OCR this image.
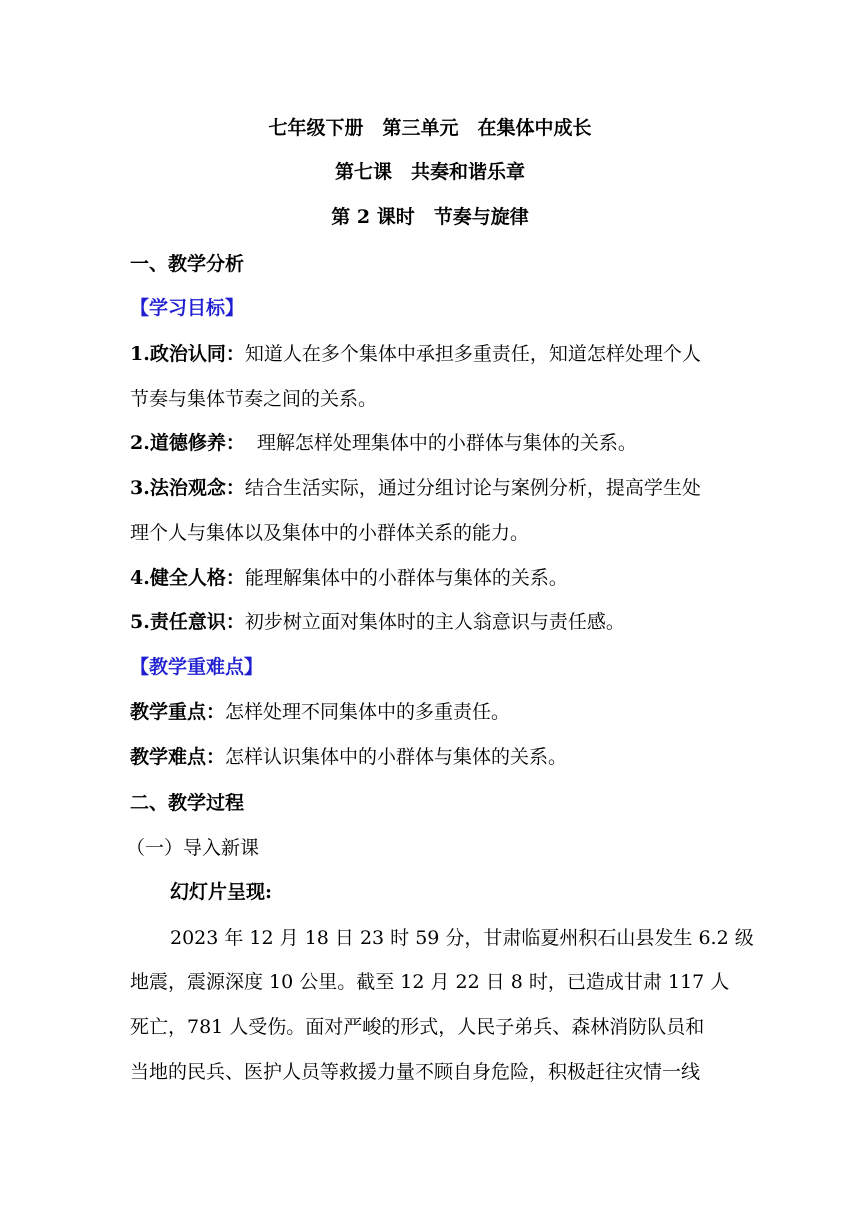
七年级下册　第三单元　在集体中成长
第七课　共奏和谐乐章
第 2 课时　节奏与旋律
一、教学分析
【学习目标】
1.政治认同：知道人在多个集体中承担多重责任，知道怎样处理个人
节奏与集体节奏之间的关系。
2.道德修养：  理解怎样处理集体中的小群体与集体的关系。
3.法治观念：结合生活实际，通过分组讨论与案例分析，提高学生处
理个人与集体以及集体中的小群体关系的能力。
4.健全人格：能理解集体中的小群体与集体的关系。
5.责任意识：初步树立面对集体时的主人翁意识与责任感。
【教学重难点】
教学重点：怎样处理不同集体中的多重责任。
教学难点：怎样认识集体中的小群体与集体的关系。
二、教学过程
（一）导入新课
幻灯片呈现:
2023 年 12 月 18 日 23 时 59 分，甘肃临夏州积石山县发生 6.2 级
地震，震源深度 10 公里。截至 12 月 22 日 8 时，已造成甘肃 117 人
死亡，781 人受伤。面对严峻的形式，人民子弟兵、森林消防队员和
当地的民兵、医护人员等救援力量不顾自身危险，积极赶往灾情一线
